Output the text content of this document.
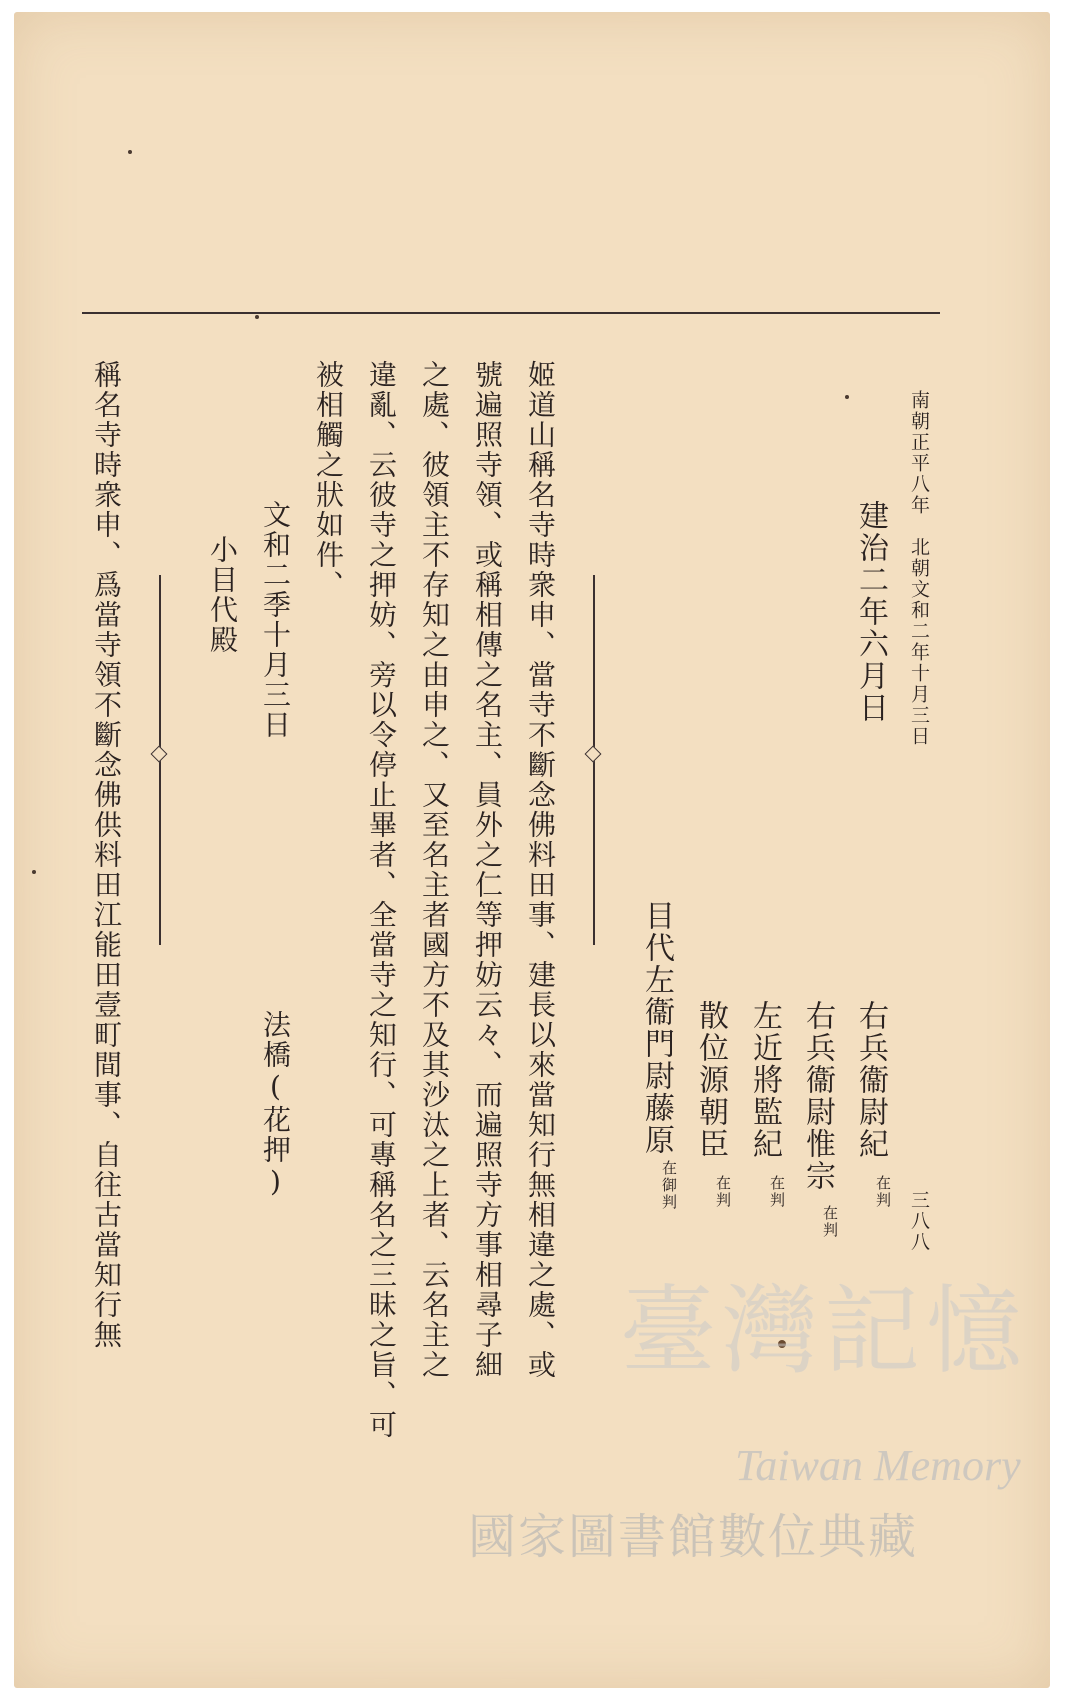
南朝正平八年　北朝文和二年十月三日
建治二年六月日
右兵衞尉紀
在判
右兵衞尉惟宗
在判
左近將監紀
在判
散位源朝臣
在判
目代左衞門尉藤原
在御判
姬道山稱名寺時衆申、當寺不斷念佛料田事、建長以來當知行無相違之處、或
號遍照寺領、或稱相傳之名主、員外之仁等押妨云々、而遍照寺方事相尋子細
之處、彼領主不存知之由申之、又至名主者國方不及其沙汰之上者、云名主之
違亂、云彼寺之押妨、旁以令停止畢者、全當寺之知行、可專稱名之三昧之旨、可
被相觸之狀如件、
文和二季十月三日
小目代殿
法橋(花押)
稱名寺時衆申、爲當寺領不斷念佛供料田江能田壹町間事、自往古當知行無	三八八
臺灣記憶
Taiwan Memory
國家圖書館數位典藏
